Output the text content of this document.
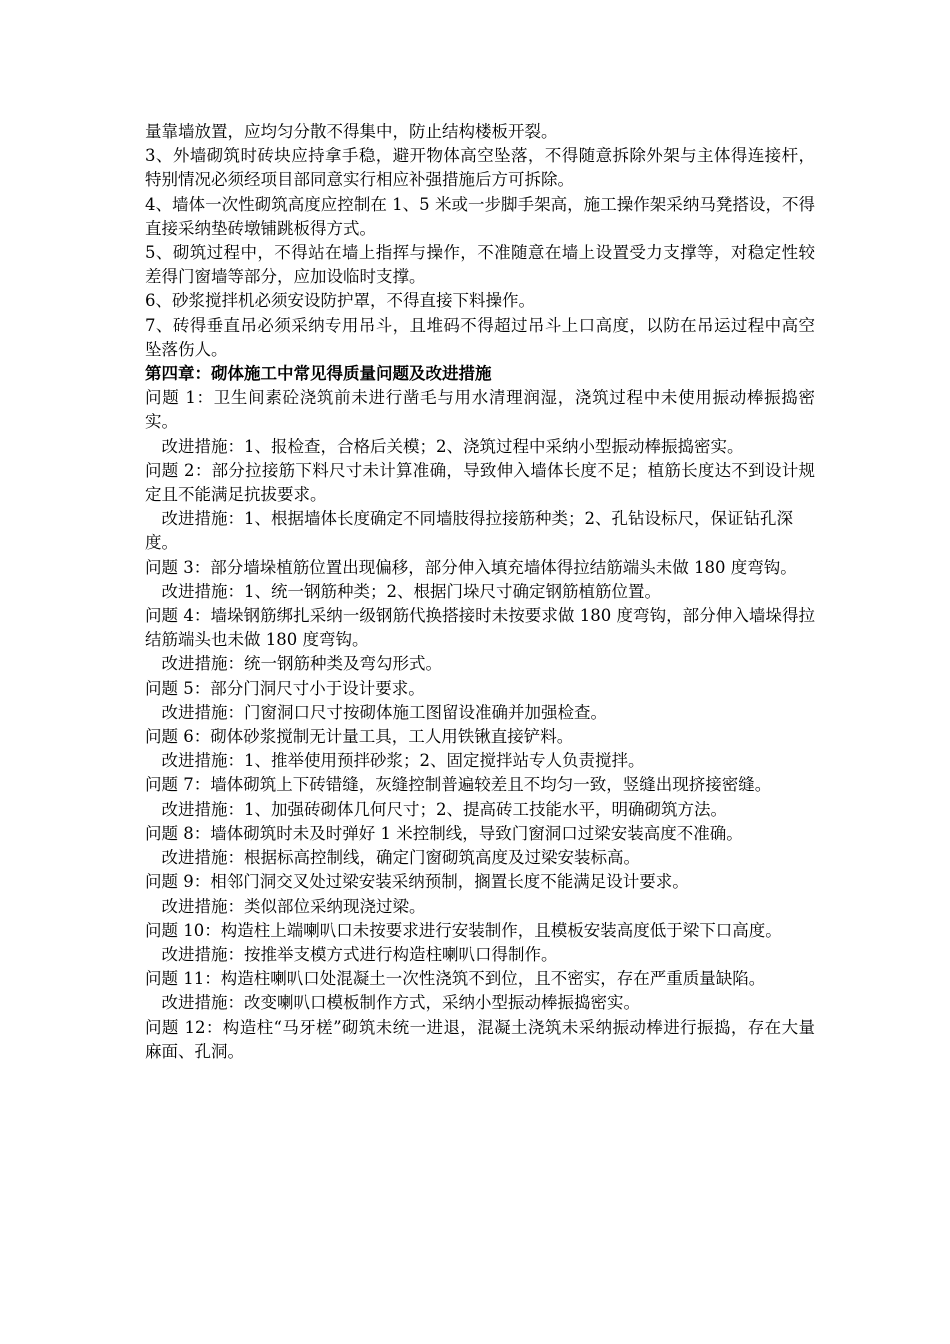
量靠墙放置，应均匀分散不得集中，防止结构楼板开裂。

3、外墙砌筑时砖块应持拿手稳，避开物体高空坠落，不得随意拆除外架与主体得连接杆，特别情况必须经项目部同意实行相应补强措施后方可拆除。

4、墙体一次性砌筑高度应控制在 1、5 米或一步脚手架高，施工操作架采纳马凳搭设，不得直接采纳垫砖墩铺跳板得方式。

5、砌筑过程中，不得站在墙上指挥与操作，不准随意在墙上设置受力支撑等，对稳定性较差得门窗墙等部分，应加设临时支撑。

6、砂浆搅拌机必须安设防护罩，不得直接下料操作。

7、砖得垂直吊必须采纳专用吊斗，且堆码不得超过吊斗上口高度，以防在吊运过程中高空坠落伤人。

第四章：砌体施工中常见得质量问题及改进措施

问题 1：卫生间素砼浇筑前未进行凿毛与用水清理润湿，浇筑过程中未使用振动棒振捣密实。

改进措施：1、报检查，合格后关模；2、浇筑过程中采纳小型振动棒振捣密实。

问题 2：部分拉接筋下料尺寸未计算准确，导致伸入墙体长度不足；植筋长度达不到设计规定且不能满足抗拔要求。

改进措施：1、根据墙体长度确定不同墙肢得拉接筋种类；2、孔钻设标尺，保证钻孔深度。

问题 3：部分墙垛植筋位置出现偏移，部分伸入填充墙体得拉结筋端头未做 180 度弯钩。

改进措施：1、统一钢筋种类；2、根据门垛尺寸确定钢筋植筋位置。

问题 4：墙垛钢筋绑扎采纳一级钢筋代换搭接时未按要求做 180 度弯钩，部分伸入墙垛得拉结筋端头也未做 180 度弯钩。

改进措施：统一钢筋种类及弯勾形式。

问题 5：部分门洞尺寸小于设计要求。

改进措施：门窗洞口尺寸按砌体施工图留设准确并加强检查。

问题 6：砌体砂浆搅制无计量工具，工人用铁锹直接铲料。

改进措施：1、推举使用预拌砂浆；2、固定搅拌站专人负责搅拌。

问题 7：墙体砌筑上下砖错缝，灰缝控制普遍较差且不均匀一致，竖缝出现挤接密缝。

改进措施：1、加强砖砌体几何尺寸；2、提高砖工技能水平，明确砌筑方法。

问题 8：墙体砌筑时未及时弹好 1 米控制线，导致门窗洞口过梁安装高度不准确。

改进措施：根据标高控制线，确定门窗砌筑高度及过梁安装标高。

问题 9：相邻门洞交叉处过梁安装采纳预制，搁置长度不能满足设计要求。

改进措施：类似部位采纳现浇过梁。

问题 10：构造柱上端喇叭口未按要求进行安装制作，且模板安装高度低于梁下口高度。

改进措施：按推举支模方式进行构造柱喇叭口得制作。

问题 11：构造柱喇叭口处混凝土一次性浇筑不到位，且不密实，存在严重质量缺陷。

改进措施：改变喇叭口模板制作方式，采纳小型振动棒振捣密实。

问题 12：构造柱“马牙槎”砌筑未统一进退，混凝土浇筑未采纳振动棒进行振捣，存在大量麻面、孔洞。
